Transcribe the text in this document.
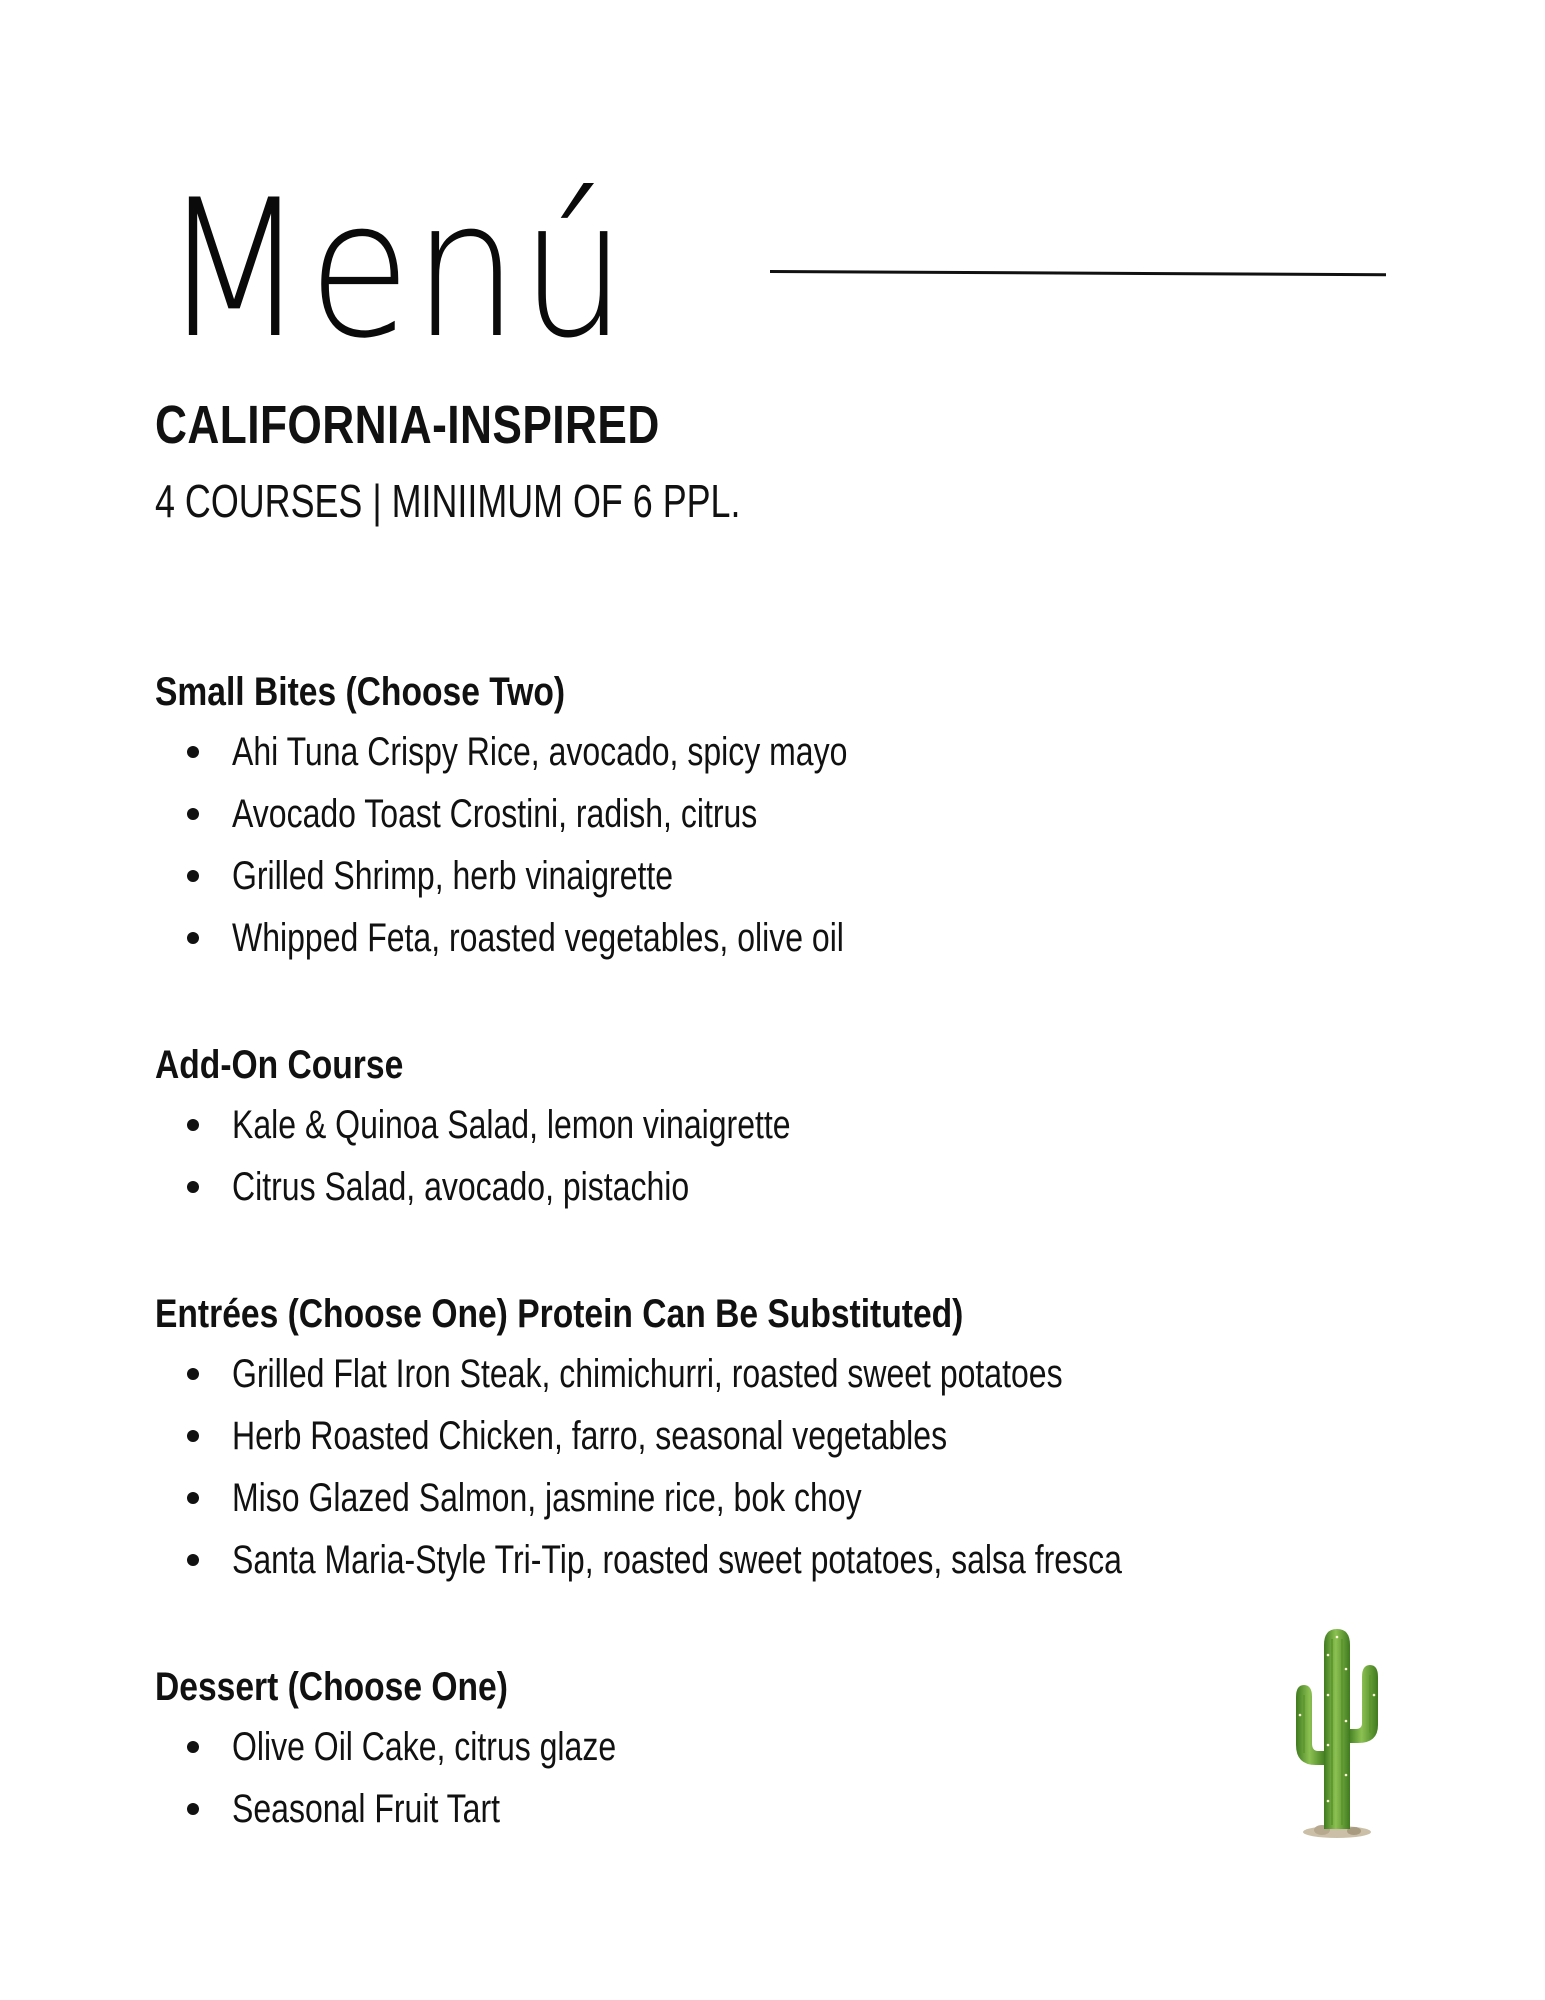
Menú
CALIFORNIA-INSPIRED
4 COURSES | MINIIMUM OF 6 PPL.
Small Bites (Choose Two)
Ahi Tuna Crispy Rice, avocado, spicy mayo
Avocado Toast Crostini, radish, citrus
Grilled Shrimp, herb vinaigrette
Whipped Feta, roasted vegetables, olive oil
Add-On Course
Kale & Quinoa Salad, lemon vinaigrette
Citrus Salad, avocado, pistachio
Entrées (Choose One) Protein Can Be Substituted)
Grilled Flat Iron Steak, chimichurri, roasted sweet potatoes
Herb Roasted Chicken, farro, seasonal vegetables
Miso Glazed Salmon, jasmine rice, bok choy
Santa Maria-Style Tri-Tip, roasted sweet potatoes, salsa fresca
Dessert (Choose One)
Olive Oil Cake, citrus glaze
Seasonal Fruit Tart
